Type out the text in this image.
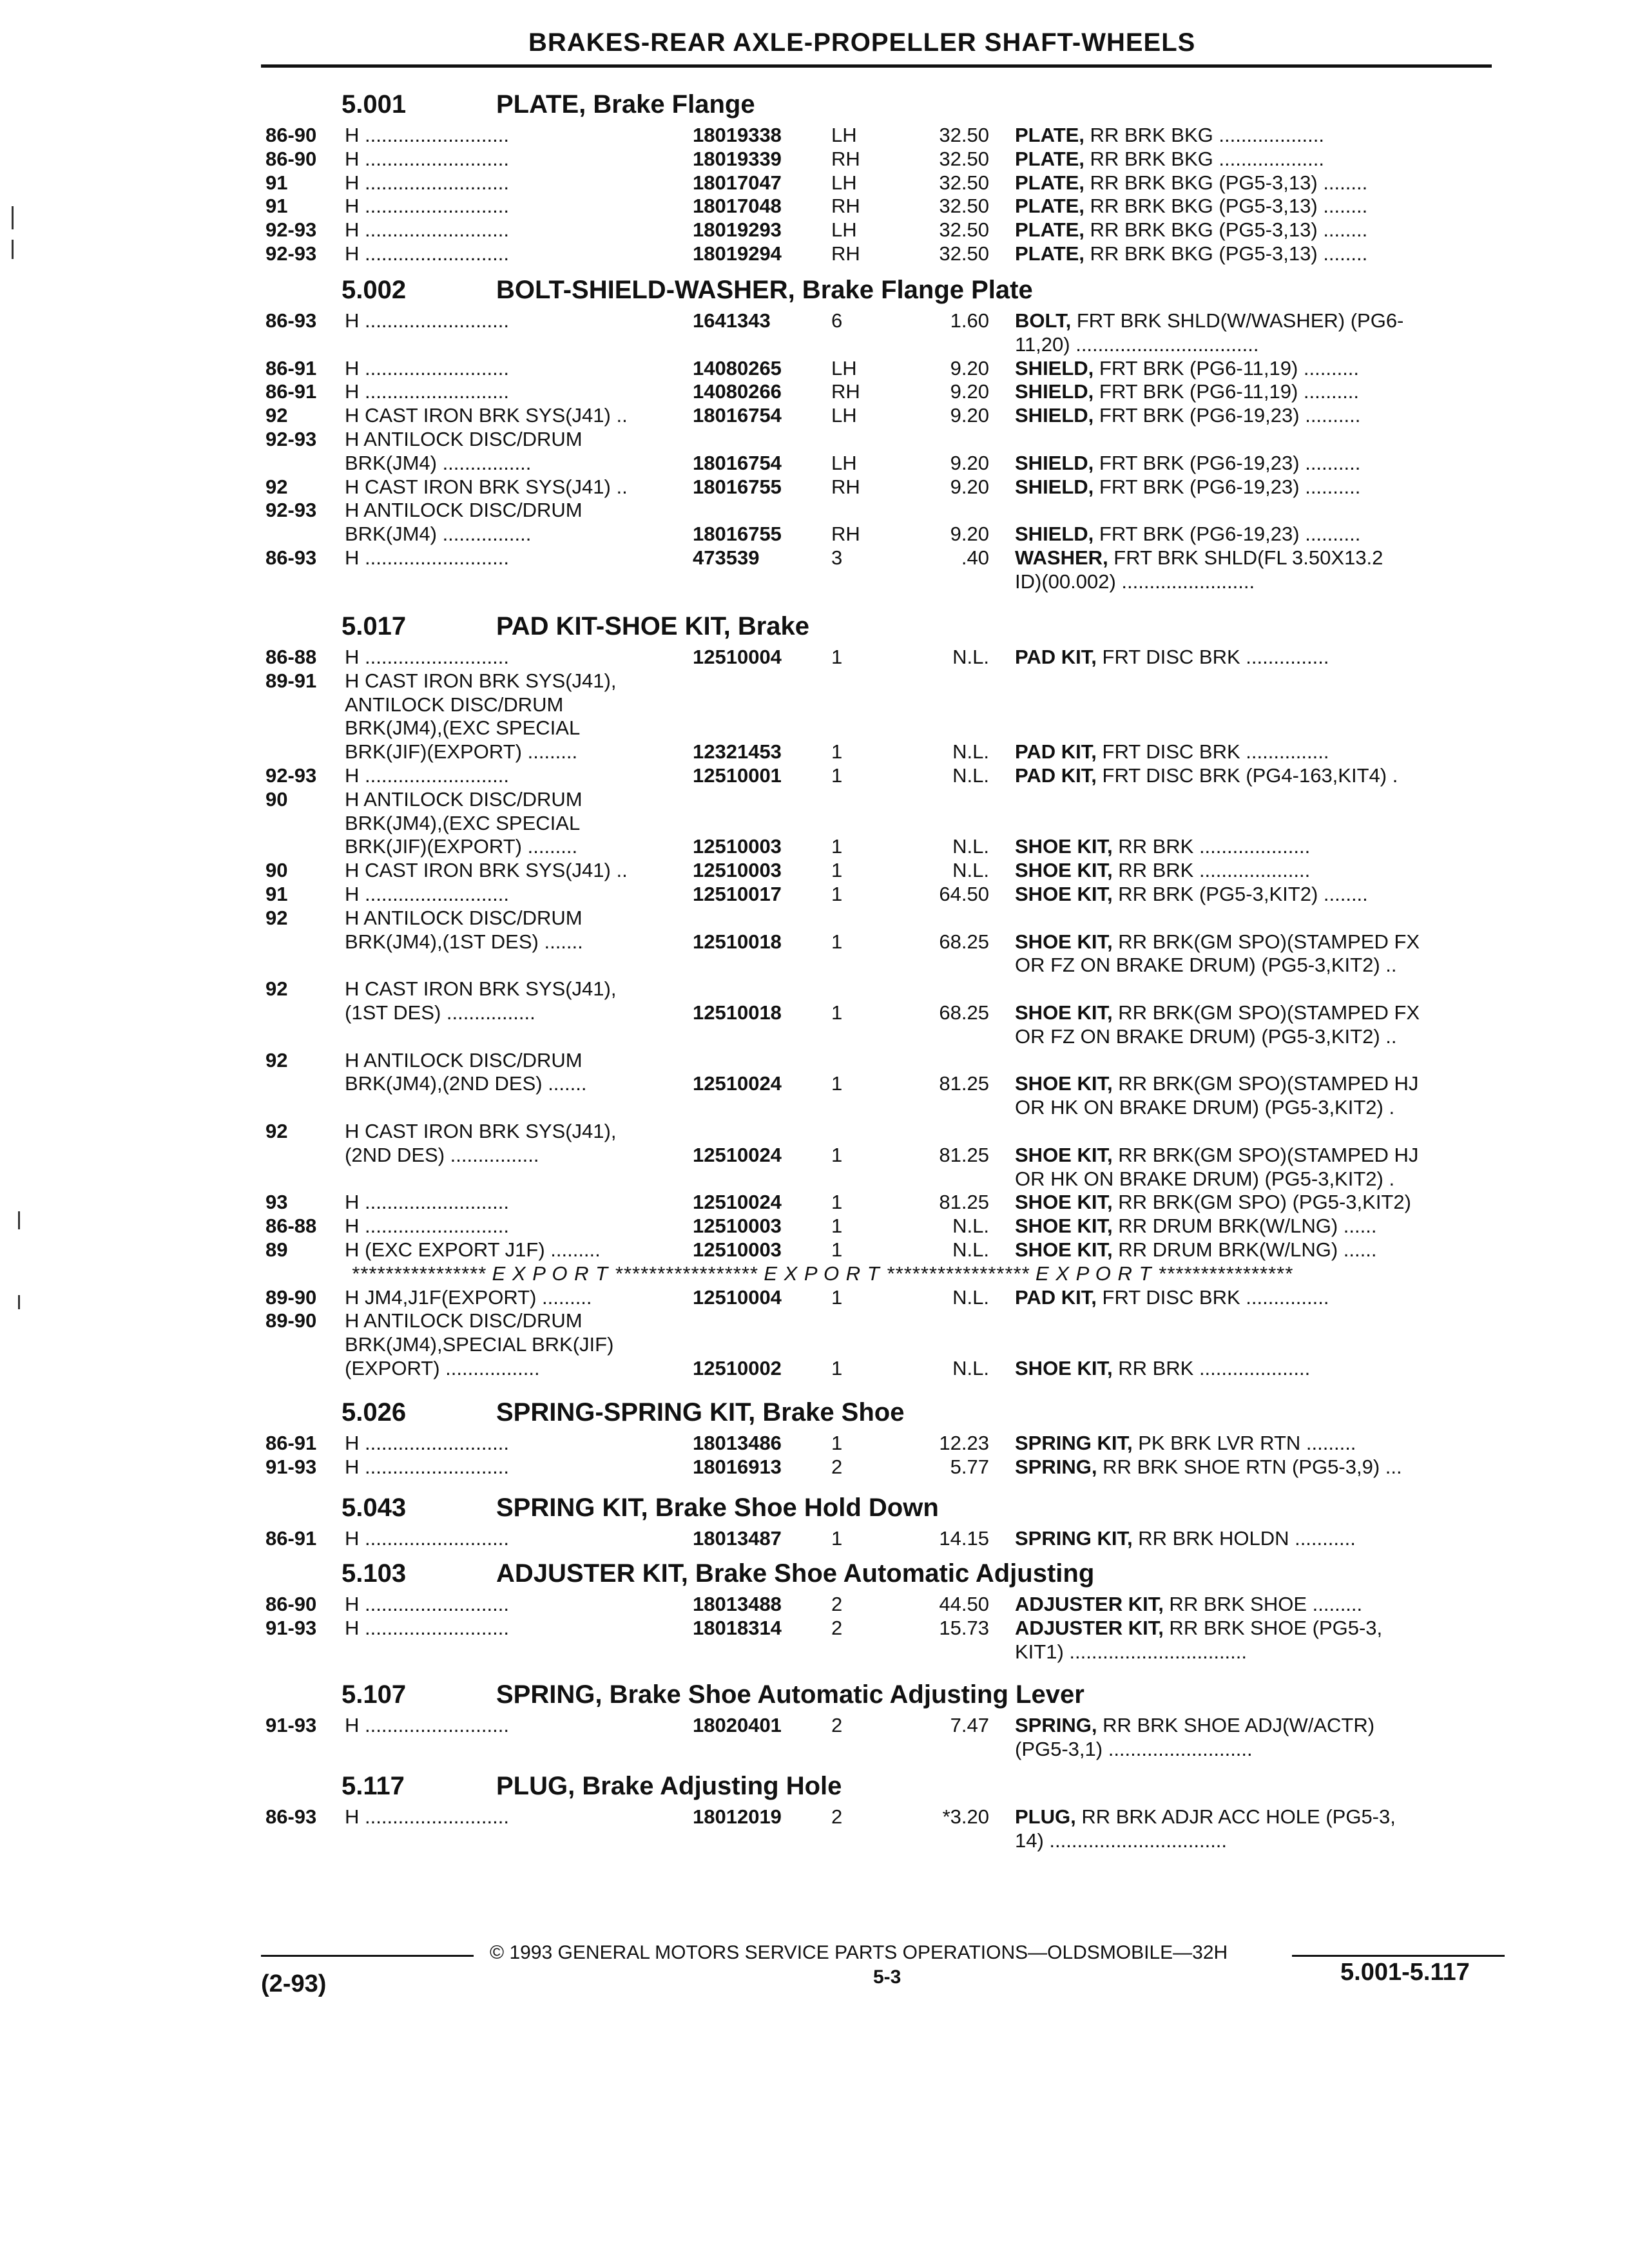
BRAKES-REAR AXLE-PROPELLER SHAFT-WHEELS
5.001	PLATE, Brake Flange
86-90	H ..........................	18019338	LH	32.50 PLATE, RR BRK BKG ...................
86-90	H ..........................	18019339	RH	32.50 PLATE, RR BRK BKG ...................
91	H ..........................	18017047	LH	32.50 PLATE, RR BRK BKG (PG5-3,13) ........
91	H ..........................	18017048	RH	32.50 PLATE, RR BRK BKG (PG5-3,13) ........
92-93	H ..........................	18019293	LH	32.50 PLATE, RR BRK BKG (PG5-3,13) ........
92-93	H ..........................	18019294	RH	32.50 PLATE, RR BRK BKG (PG5-3,13) ........
5.002	BOLT-SHIELD-WASHER, Brake Flange Plate
86-93	H ..........................	1641343	6	1.60 BOLT, FRT BRK SHLD(W/WASHER) (PG6-
11,20) .................................
86-91	H ..........................	14080265	LH	9.20 SHIELD, FRT BRK (PG6-11,19) ..........
86-91	H ..........................	14080266	RH	9.20 SHIELD, FRT BRK (PG6-11,19) ..........
92	H CAST IRON BRK SYS(J41) ..	18016754	LH	9.20 SHIELD, FRT BRK (PG6-19,23) ..........
92-93	H ANTILOCK DISC/DRUM
BRK(JM4) ................	18016754	LH	9.20 SHIELD, FRT BRK (PG6-19,23) ..........
92	H CAST IRON BRK SYS(J41) ..	18016755	RH	9.20 SHIELD, FRT BRK (PG6-19,23) ..........
92-93	H ANTILOCK DISC/DRUM
BRK(JM4) ................	18016755	RH	9.20 SHIELD, FRT BRK (PG6-19,23) ..........
86-93	H ..........................	473539	3	.40 WASHER, FRT BRK SHLD(FL 3.50X13.2
ID)(00.002) ........................
5.017	PAD KIT-SHOE KIT, Brake
86-88	H ..........................	12510004	1	N.L. PAD KIT, FRT DISC BRK ...............
89-91	H CAST IRON BRK SYS(J41),
ANTILOCK DISC/DRUM
BRK(JM4),(EXC SPECIAL
BRK(JIF)(EXPORT) .........	12321453	1	N.L. PAD KIT, FRT DISC BRK ...............
92-93	H ..........................	12510001	1	N.L. PAD KIT, FRT DISC BRK (PG4-163,KIT4) .
90	H ANTILOCK DISC/DRUM
BRK(JM4),(EXC SPECIAL
BRK(JIF)(EXPORT) .........	12510003	1	N.L. SHOE KIT, RR BRK ....................
90	H CAST IRON BRK SYS(J41) ..	12510003	1	N.L. SHOE KIT, RR BRK ....................
91	H ..........................	12510017	1	64.50 SHOE KIT, RR BRK (PG5-3,KIT2) ........
92	H ANTILOCK DISC/DRUM
BRK(JM4),(1ST DES) .......	12510018	1	68.25 SHOE KIT, RR BRK(GM SPO)(STAMPED FX
OR FZ ON BRAKE DRUM) (PG5-3,KIT2) ..
92	H CAST IRON BRK SYS(J41),
(1ST DES) ................	12510018	1	68.25 SHOE KIT, RR BRK(GM SPO)(STAMPED FX
OR FZ ON BRAKE DRUM) (PG5-3,KIT2) ..
92	H ANTILOCK DISC/DRUM
BRK(JM4),(2ND DES) .......	12510024	1	81.25 SHOE KIT, RR BRK(GM SPO)(STAMPED HJ
OR HK ON BRAKE DRUM) (PG5-3,KIT2) .
92	H CAST IRON BRK SYS(J41),
(2ND DES) ................	12510024	1	81.25 SHOE KIT, RR BRK(GM SPO)(STAMPED HJ
OR HK ON BRAKE DRUM) (PG5-3,KIT2) .
93	H ..........................	12510024	1	81.25 SHOE KIT, RR BRK(GM SPO) (PG5-3,KIT2)
86-88	H ..........................	12510003	1	N.L. SHOE KIT, RR DRUM BRK(W/LNG) ......
89	H (EXC EXPORT J1F) .........	12510003	1	N.L. SHOE KIT, RR DRUM BRK(W/LNG) ......
**************** E X P O R T ***************** E X P O R T ***************** E X P O R T ****************
89-90	H JM4,J1F(EXPORT) .........	12510004	1	N.L. PAD KIT, FRT DISC BRK ...............
89-90	H ANTILOCK DISC/DRUM
BRK(JM4),SPECIAL BRK(JIF)
(EXPORT) .................	12510002	1	N.L. SHOE KIT, RR BRK ....................
5.026	SPRING-SPRING KIT, Brake Shoe
86-91	H ..........................	18013486	1	12.23 SPRING KIT, PK BRK LVR RTN .........
91-93	H ..........................	18016913	2	5.77 SPRING, RR BRK SHOE RTN (PG5-3,9) ...
5.043	SPRING KIT, Brake Shoe Hold Down
86-91	H ..........................	18013487	1	14.15 SPRING KIT, RR BRK HOLDN ...........
5.103	ADJUSTER KIT, Brake Shoe Automatic Adjusting
86-90	H ..........................	18013488	2	44.50 ADJUSTER KIT, RR BRK SHOE .........
91-93	H ..........................	18018314	2	15.73 ADJUSTER KIT, RR BRK SHOE (PG5-3,
KIT1) ................................
5.107	SPRING, Brake Shoe Automatic Adjusting Lever
91-93	H ..........................	18020401	2	7.47 SPRING, RR BRK SHOE ADJ(W/ACTR)
(PG5-3,1) ..........................
5.117	PLUG, Brake Adjusting Hole
86-93	H ..........................	18012019	2	*3.20 PLUG, RR BRK ADJR ACC HOLE (PG5-3,
14) ................................
© 1993 GENERAL MOTORS SERVICE PARTS OPERATIONS—OLDSMOBILE—32H
(2-93)	5-3	5.001-5.117
